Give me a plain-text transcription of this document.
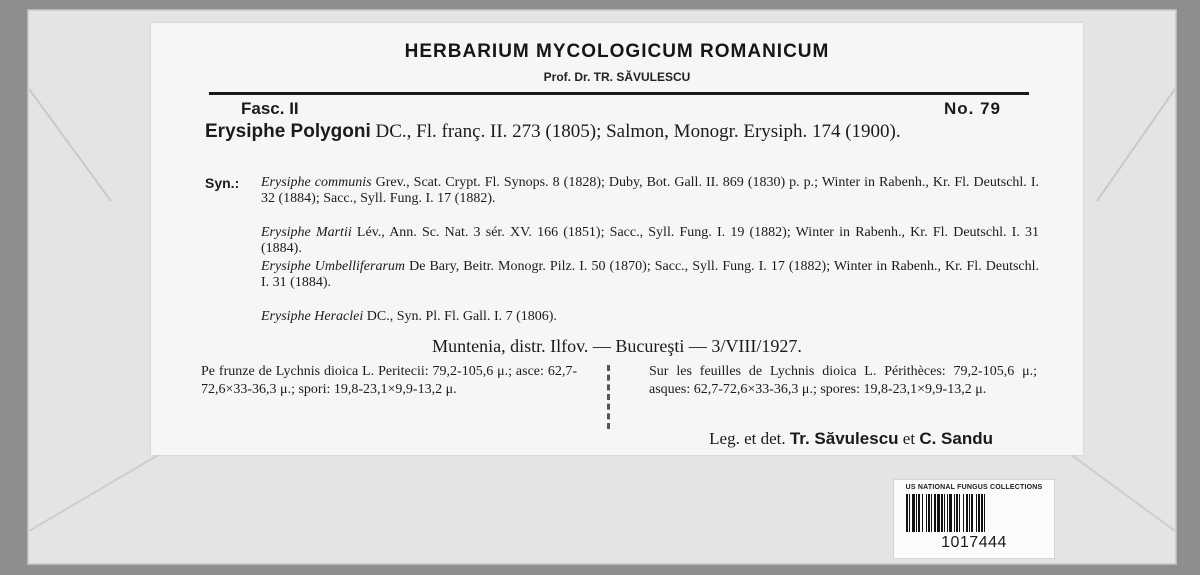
HERBARIUM MYCOLOGICUM ROMANICUM
Prof. Dr. TR. SĂVULESCU
Fasc. II	No. 79
Erysiphe Polygoni DC., Fl. franç. II. 273 (1805); Salmon, Monogr. Erysiph. 174 (1900).
Syn.: Erysiphe communis Grev., Scat. Crypt. Fl. Synops. 8 (1828); Duby, Bot. Gall. II. 869 (1830) p. p.; Winter in Rabenh., Kr. Fl. Deutschl. I. 32 (1884); Sacc., Syll. Fung. I. 17 (1882).
Erysiphe Martii Lév., Ann. Sc. Nat. 3 sér. XV. 166 (1851); Sacc., Syll. Fung. I. 19 (1882); Winter in Rabenh., Kr. Fl. Deutschl. I. 31 (1884).
Erysiphe Umbelliferarum De Bary, Beitr. Monogr. Pilz. I. 50 (1870); Sacc., Syll. Fung. I. 17 (1882); Winter in Rabenh., Kr. Fl. Deutschl. I. 31 (1884).
Erysiphe Heraclei DC., Syn. Pl. Fl. Gall. I. 7 (1806).
Muntenia, distr. Ilfov. — Bucureşti — 3/VIII/1927.
Pe frunze de Lychnis dioica L. Peritecii: 79,2-105,6 μ.; asce: 62,7-72,6×33-36,3 μ.; spori: 19,8-23,1×9,9-13,2 μ.
Sur les feuilles de Lychnis dioica L. Périthèces: 79,2-105,6 μ.; asques: 62,7-72,6×33-36,3 μ.; spores: 19,8-23,1×9,9-13,2 μ.
Leg. et det. Tr. Săvulescu et C. Sandu
US NATIONAL FUNGUS COLLECTIONS
1017444
